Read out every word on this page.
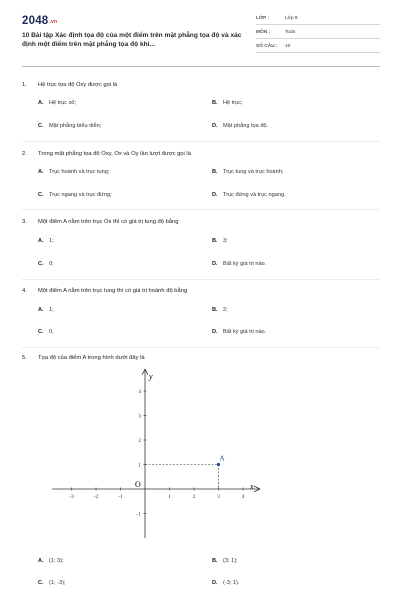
2048.vn
10 Bài tập Xác định tọa độ của một điểm trên mặt phẳng tọa độ và xác định một điểm trên mặt phẳng tọa độ khi...
LỚP :	Lớp 8
MÔN :	Toán
SỐ CÂU : 10
1. Hệ trục tọa độ Oxy được gọi là
A. Hệ trục số;	B. Hệ trục;
C. Mặt phẳng biểu diễn;	D. Mặt phẳng tọa độ.
2. Trong mặt phẳng tọa độ Oxy, Ox và Oy lần lượt được gọi là
A. Trục hoành và trục tung;	B. Trục tung và trục hoành;
C. Trục ngang và trục đứng;	D. Trục đứng và trục ngang.
3. Một điểm A nằm trên trục Ox thì có giá trị tung độ bằng
A. 1;	B. 3;
C. 0;	D. Bất kỳ giá trị nào.
4. Một điểm A nằm trên trục tung thì có giá trị hoành độ bằng
A. 1;	B. 2;
C. 0;	D. Bất kỳ giá trị nào.
5. Tọa độ của điểm A trong hình dưới đây là
O	x
y
-3	-2	-1	1	2	3	4
4
3
2
1
-1
A
A. (1; 3);	B. (3; 1);
C. (1; -3);	D. (-3; 1).
